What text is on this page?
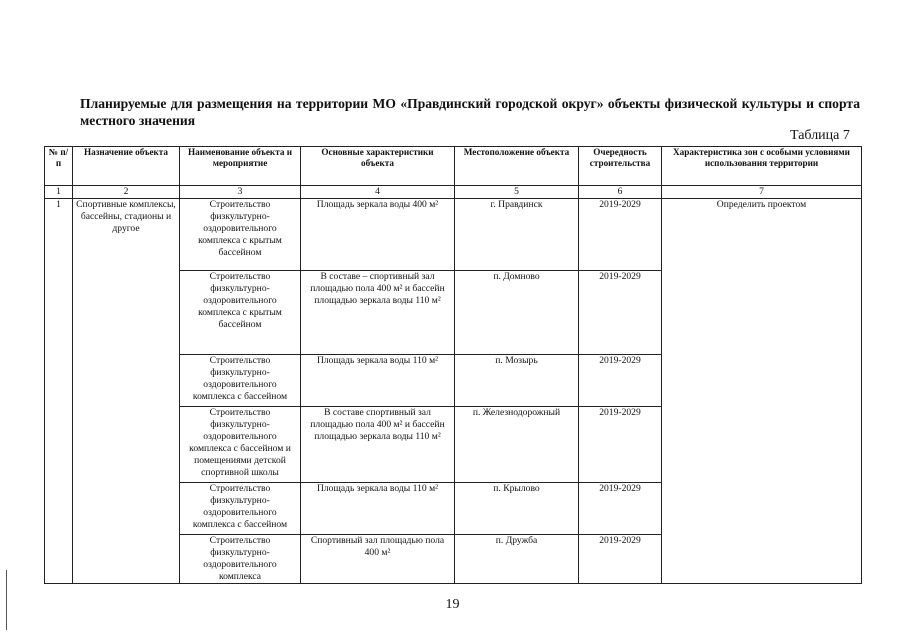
Планируемые для размещения на территории МО «Правдинский городской округ» объекты физической культуры и спорта местного значения
Таблица 7
№ п/п	Назначение объекта	Наименование объекта и мероприятие	Основные характеристики объекта	Местоположение объекта	Очередность строительства	Характеристика зон с особыми условиями использования территории
1	2	3	4	5	6	7
1	Спортивные комплексы, бассейны, стадионы и другое	Строительство физкультурно-оздоровительного комплекса с крытым бассейном	Площадь зеркала воды 400 м²	г. Правдинск	2019-2029	Определить проектом
		Строительство физкультурно-оздоровительного комплекса с крытым бассейном	В составе – спортивный зал площадью пола 400 м² и бассейн площадью зеркала воды 110 м²	п. Домново	2019-2029	
		Строительство физкультурно-оздоровительного комплекса с бассейном	Площадь зеркала воды 110 м²	п. Мозырь	2019-2029	
		Строительство физкультурно-оздоровительного комплекса с бассейном и помещениями детской спортивной школы	В составе спортивный зал площадью пола 400 м² и бассейн площадью зеркала воды 110 м²	п. Железнодорожный	2019-2029	
		Строительство физкультурно-оздоровительного комплекса с бассейном	Площадь зеркала воды 110 м²	п. Крылово	2019-2029	
		Строительство физкультурно-оздоровительного комплекса	Спортивный зал площадью пола 400 м²	п. Дружба	2019-2029	
19
